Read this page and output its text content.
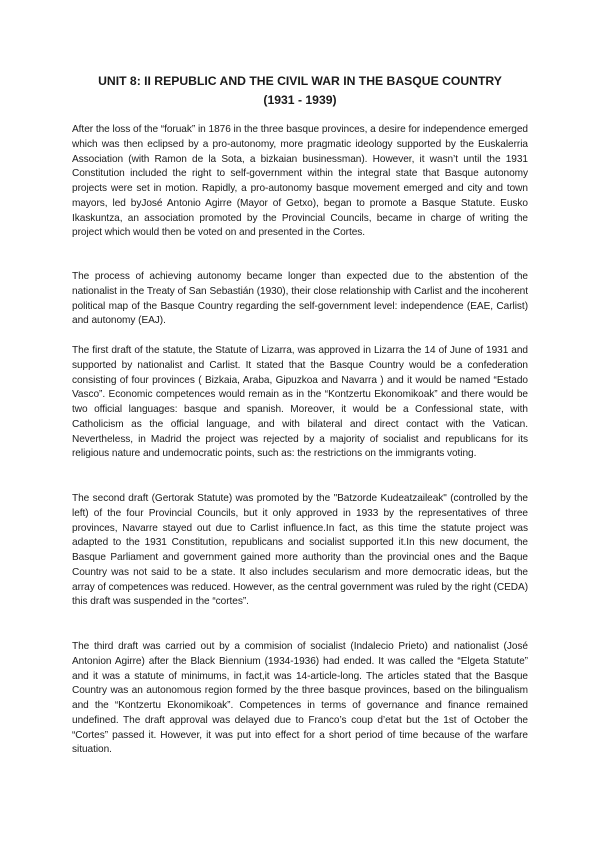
UNIT 8: II REPUBLIC AND THE CIVIL WAR IN THE BASQUE COUNTRY
(1931 - 1939)

After the loss of the “foruak” in 1876 in the three basque provinces, a desire for independence emerged which was then eclipsed by a pro-autonomy, more pragmatic ideology supported by the Euskalerria Association (with Ramon de la Sota, a bizkaian businessman). However, it wasn’t until the 1931 Constitution included the right to self-government within the integral state that Basque autonomy projects were set in motion. Rapidly, a pro-autonomy basque movement emerged and city and town mayors, led byJosé Antonio Agirre (Mayor of Getxo), began to promote a Basque Statute. Eusko Ikaskuntza, an association promoted by the Provincial Councils, became in charge of writing the project which would then be voted on and presented in the Cortes.

The process of achieving autonomy became longer than expected due to the abstention of the nationalist in the Treaty of San Sebastián (1930), their close relationship with Carlist and the incoherent political map of the Basque Country regarding the self-government level: independence (EAE, Carlist) and autonomy (EAJ).

The first draft of the statute, the Statute of Lizarra, was approved in Lizarra the 14 of June of 1931 and supported by nationalist and Carlist. It stated that the Basque Country would be a confederation consisting of four provinces ( Bizkaia, Araba, Gipuzkoa and Navarra ) and it would be named “Estado Vasco”. Economic competences would remain as in the “Kontzertu Ekonomikoak” and there would be two official languages: basque and spanish. Moreover, it would be a Confessional state, with Catholicism as the official language, and with bilateral and direct contact with the Vatican. Nevertheless, in Madrid the project was rejected by a majority of socialist and republicans for its religious nature and undemocratic points, such as: the restrictions on the immigrants voting.

The second draft (Gertorak Statute) was promoted by the "Batzorde Kudeatzaileak" (controlled by the left) of the four Provincial Councils, but it only approved in 1933 by the representatives of three provinces, Navarre stayed out due to Carlist influence.In fact, as this time the statute project was adapted to the 1931 Constitution, republicans and socialist supported it.In this new document, the Basque Parliament and government gained more authority than the provincial ones and the Baque Country was not said to be a state. It also includes secularism and more democratic ideas, but the array of competences was reduced. However, as the central government was ruled by the right (CEDA) this draft was suspended in the “cortes”.

The third draft was carried out by a commision of socialist (Indalecio Prieto) and nationalist (José Antonion Agirre) after the Black Biennium (1934-1936) had ended. It was called the “Elgeta Statute” and it was a statute of minimums, in fact,it was 14-article-long. The articles stated that the Basque Country was an autonomous region formed by the three basque provinces, based on the bilingualism and the “Kontzertu Ekonomikoak”. Competences in terms of governance and finance remained undefined. The draft approval was delayed due to Franco’s coup d’etat but the 1st of October the “Cortes” passed it. However, it was put into effect for a short period of time because of the warfare situation.
